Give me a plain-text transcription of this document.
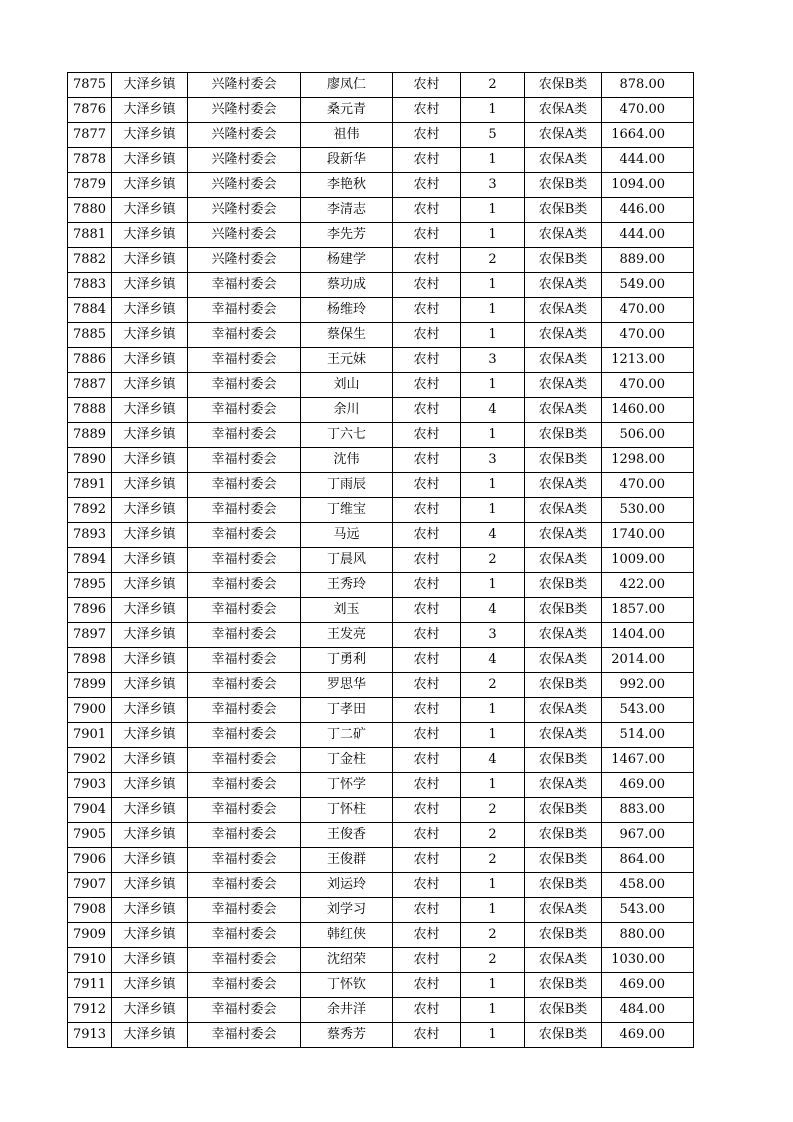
7875	大泽乡镇	兴隆村委会	廖凤仁	农村	2	农保B类	878.00
7876	大泽乡镇	兴隆村委会	桑元青	农村	1	农保A类	470.00
7877	大泽乡镇	兴隆村委会	祖伟	农村	5	农保A类	1664.00
7878	大泽乡镇	兴隆村委会	段新华	农村	1	农保A类	444.00
7879	大泽乡镇	兴隆村委会	李艳秋	农村	3	农保B类	1094.00
7880	大泽乡镇	兴隆村委会	李清志	农村	1	农保B类	446.00
7881	大泽乡镇	兴隆村委会	李先芳	农村	1	农保A类	444.00
7882	大泽乡镇	兴隆村委会	杨建学	农村	2	农保B类	889.00
7883	大泽乡镇	幸福村委会	蔡功成	农村	1	农保A类	549.00
7884	大泽乡镇	幸福村委会	杨维玲	农村	1	农保A类	470.00
7885	大泽乡镇	幸福村委会	蔡保生	农村	1	农保A类	470.00
7886	大泽乡镇	幸福村委会	王元妹	农村	3	农保A类	1213.00
7887	大泽乡镇	幸福村委会	刘山	农村	1	农保A类	470.00
7888	大泽乡镇	幸福村委会	余川	农村	4	农保A类	1460.00
7889	大泽乡镇	幸福村委会	丁六七	农村	1	农保B类	506.00
7890	大泽乡镇	幸福村委会	沈伟	农村	3	农保B类	1298.00
7891	大泽乡镇	幸福村委会	丁雨辰	农村	1	农保A类	470.00
7892	大泽乡镇	幸福村委会	丁维宝	农村	1	农保A类	530.00
7893	大泽乡镇	幸福村委会	马远	农村	4	农保A类	1740.00
7894	大泽乡镇	幸福村委会	丁晨风	农村	2	农保A类	1009.00
7895	大泽乡镇	幸福村委会	王秀玲	农村	1	农保B类	422.00
7896	大泽乡镇	幸福村委会	刘玉	农村	4	农保B类	1857.00
7897	大泽乡镇	幸福村委会	王发亮	农村	3	农保A类	1404.00
7898	大泽乡镇	幸福村委会	丁勇利	农村	4	农保A类	2014.00
7899	大泽乡镇	幸福村委会	罗思华	农村	2	农保B类	992.00
7900	大泽乡镇	幸福村委会	丁孝田	农村	1	农保A类	543.00
7901	大泽乡镇	幸福村委会	丁二矿	农村	1	农保A类	514.00
7902	大泽乡镇	幸福村委会	丁金柱	农村	4	农保B类	1467.00
7903	大泽乡镇	幸福村委会	丁怀学	农村	1	农保A类	469.00
7904	大泽乡镇	幸福村委会	丁怀柱	农村	2	农保B类	883.00
7905	大泽乡镇	幸福村委会	王俊香	农村	2	农保B类	967.00
7906	大泽乡镇	幸福村委会	王俊群	农村	2	农保B类	864.00
7907	大泽乡镇	幸福村委会	刘运玲	农村	1	农保B类	458.00
7908	大泽乡镇	幸福村委会	刘学习	农村	1	农保A类	543.00
7909	大泽乡镇	幸福村委会	韩红侠	农村	2	农保B类	880.00
7910	大泽乡镇	幸福村委会	沈绍荣	农村	2	农保A类	1030.00
7911	大泽乡镇	幸福村委会	丁怀钦	农村	1	农保B类	469.00
7912	大泽乡镇	幸福村委会	余井洋	农村	1	农保B类	484.00
7913	大泽乡镇	幸福村委会	蔡秀芳	农村	1	农保B类	469.00
